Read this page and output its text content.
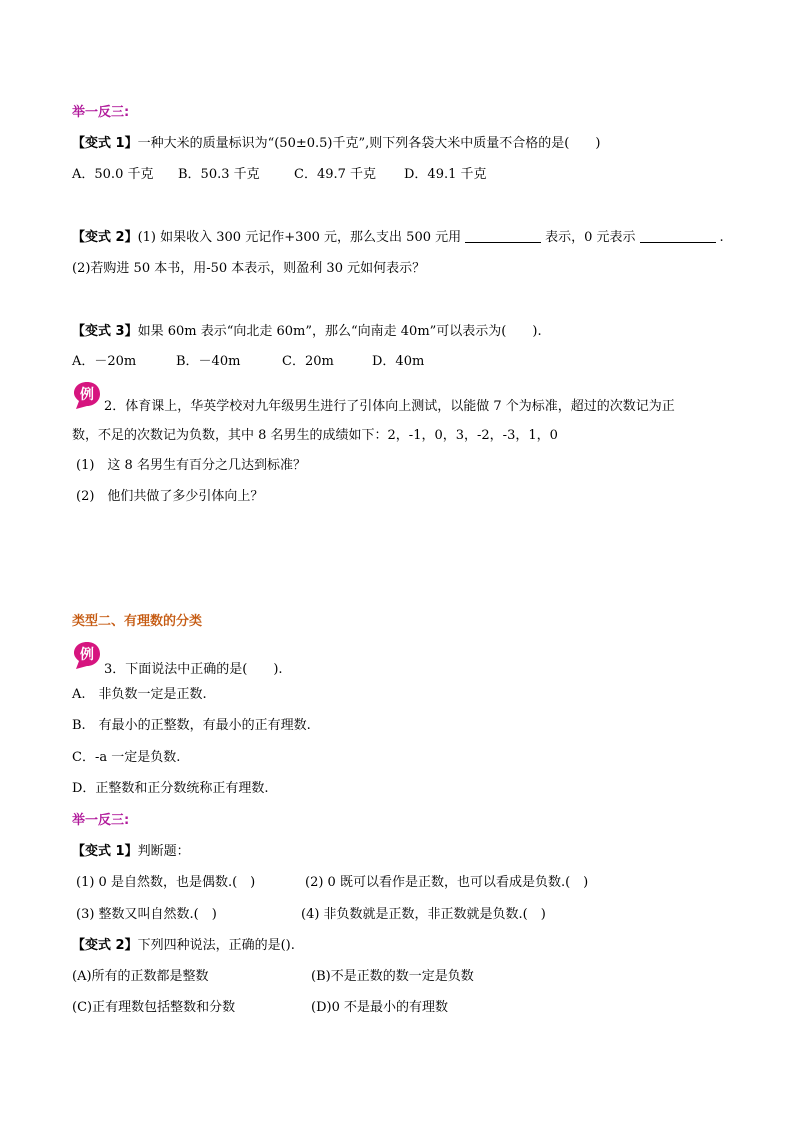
举一反三:
【变式 1】一种大米的质量标识为“(50±0.5)千克”,则下列各袋大米中质量不合格的是(　　)
A．50.0 千克 B．50.3 千克	C．49.7 千克 D．49.1 千克
【变式 2】(1) 如果收入 300 元记作+300 元，那么支出 500 元用	表示，0 元表示	.
(2)若购进 50 本书，用-50 本表示，则盈利 30 元如何表示？
【变式 3】如果 60m 表示“向北走 60m”，那么“向南走 40m”可以表示为(　　).
A．－20m	B．－40m	C．20m	D．40m
例
2．体育课上，华英学校对九年级男生进行了引体向上测试，以能做 7 个为标准，超过的次数记为正
数，不足的次数记为负数，其中 8 名男生的成绩如下：2，-1，0，3，-2，-3，1，0
(1)　这 8 名男生有百分之几达到标准？
(2)　他们共做了多少引体向上？
类型二、有理数的分类
例
3．下面说法中正确的是(　　).
A.　非负数一定是正数.
B.　有最小的正整数，有最小的正有理数.
C．-a 一定是负数.
D．正整数和正分数统称正有理数.
举一反三:
【变式 1】判断题：
(1) 0 是自然数，也是偶数.(　)	(2) 0 既可以看作是正数，也可以看成是负数.(　)
(3) 整数又叫自然数.(　)	(4) 非负数就是正数，非正数就是负数.(　)
【变式 2】下列四种说法，正确的是().
(A)所有的正数都是整数	(B)不是正数的数一定是负数
(C)正有理数包括整数和分数	(D)0 不是最小的有理数
